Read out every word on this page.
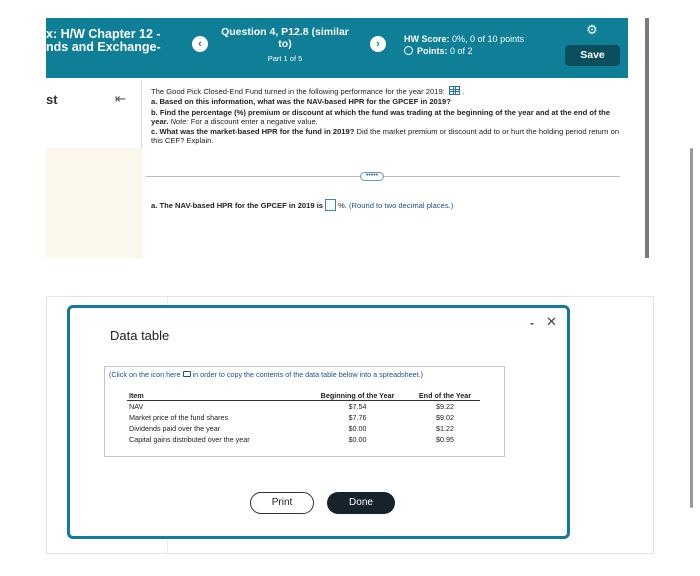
x: H/W Chapter 12 -
nds and Exchange-	‹
Question 4, P12.8 (similar
to)
Part 1 of 5
›	HW Score: 0%, 0 of 10 points
Points: 0 of 2
⚙
Save
st	⇤	The Good Pick Closed-End Fund turned in the following performance for the year 2019:  .

a. Based on this information, what was the NAV-based HPR for the GPCEF in 2019?

b. Find the percentage (%) premium or discount at which the fund was trading at the beginning of the year and at the end of the year. Note: For a discount enter a negative value.

c. What was the market-based HPR for the fund in 2019? Did the market premium or discount add to or hurt the holding period return on this CEF? Explain.

•••••
a. The NAV-based HPR for the GPCEF in 2019 is %. (Round to two decimal places.)
Data table
- ✕
(Click on the icon here in order to copy the contents of the data table below into a spreadsheet.)
Item	Beginning of the Year	End of the Year
NAV	$7.54	$9.22
Market price of the fund shares	$7.76	$9.02
Dividends paid over the year	$0.00	$1.22
Capital gains distributed over the year	$0.00	$0.95
Print	Done
